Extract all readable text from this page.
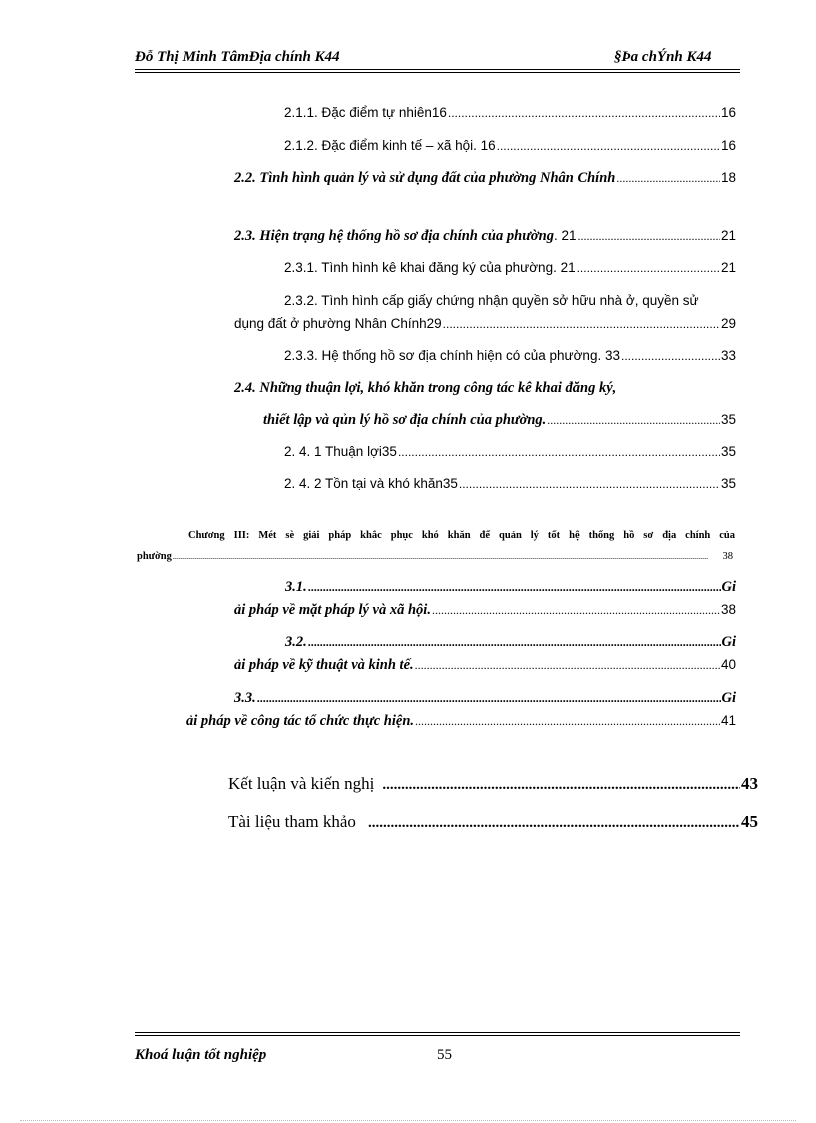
Đỗ Thị Minh TâmĐịa chính K44	§Þa chÝnh K44
2.1.1. Đặc điểm tự nhiên16 .....	16
2.1.2. Đặc điểm kinh tế – xã hội. 16 .....	16
2.2. Tình hình quản lý và sử dụng đất của phường Nhân Chính .....	18
2.3. Hiện trạng hệ thống hồ sơ địa chính của phường . 21 .....	21
2.3.1. Tình hình kê khai đăng ký của phường. 21 .....	21
2.3.2. Tình hình cấp giấy chứng nhận quyền sở hữu nhà ở, quyền sử
dụng đất ở phường Nhân Chính29 .....	29
2.3.3. Hệ thống hồ sơ địa chính hiện có của phường. 33 .....	33
2.4. Những thuận lợi, khó khăn trong công tác kê khai đăng ký,
thiết lập và qủn lý hồ sơ địa chính của phường. .....	35
2. 4. 1 Thuận lợi35 .....	35
2. 4. 2 Tồn tại và khó khăn35 .....	35
Chương III: Mét sè giải pháp khắc phục khó khăn để quản lý tốt hệ thống hồ sơ địa chính của
phường .....	38
3.1. .....	Gi
ải pháp về mặt pháp lý và xã hội. .....	38
3.2. .....	Gi
ải pháp về kỹ thuật và kinh tế. .....	40
3.3. .....	Gi
ải pháp về công tác tổ chức thực hiện. .....	41
Kết luận và kiến nghị .....	43
Tài liệu tham khảo .....	45
Khoá luận tốt nghiệp	55
